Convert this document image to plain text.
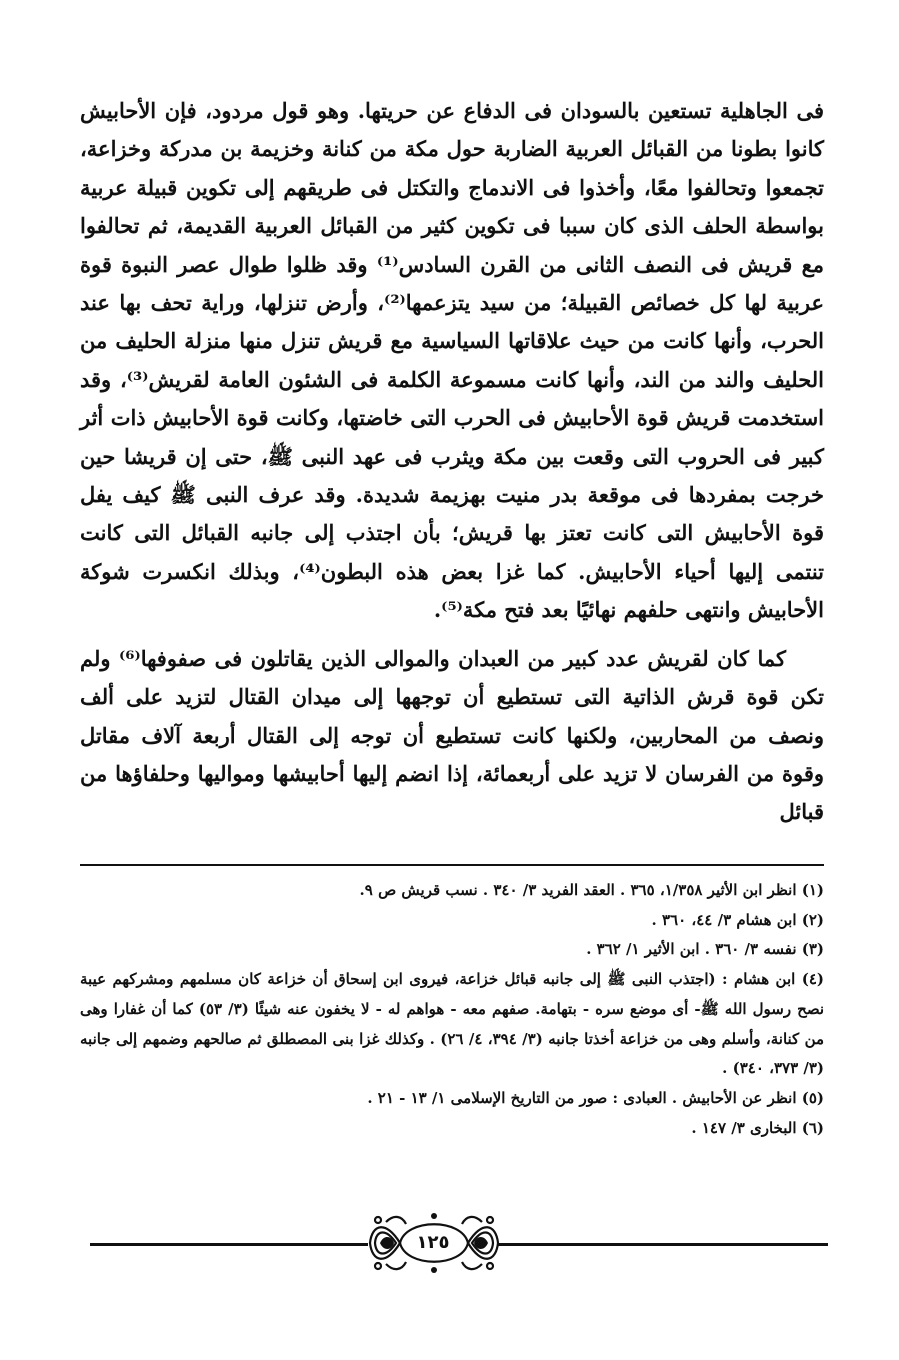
فى الجاهلية تستعين بالسودان فى الدفاع عن حريتها. وهو قول مردود، فإن الأحابيش كانوا بطونا من القبائل العربية الضاربة حول مكة من كنانة وخزيمة بن مدركة وخزاعة، تجمعوا وتحالفوا معًا، وأخذوا فى الاندماج والتكتل فى طريقهم إلى تكوين قبيلة عربية بواسطة الحلف الذى كان سببا فى تكوين كثير من القبائل العربية القديمة، ثم تحالفوا مع قريش فى النصف الثانى من القرن السادس⁽¹⁾ وقد ظلوا طوال عصر النبوة قوة عربية لها كل خصائص القبيلة؛ من سيد يتزعمها⁽²⁾، وأرض تنزلها، وراية تحف بها عند الحرب، وأنها كانت من حيث علاقاتها السياسية مع قريش تنزل منها منزلة الحليف من الحليف والند من الند، وأنها كانت مسموعة الكلمة فى الشئون العامة لقريش⁽³⁾، وقد استخدمت قريش قوة الأحابيش فى الحرب التى خاضتها، وكانت قوة الأحابيش ذات أثر كبير فى الحروب التى وقعت بين مكة ويثرب فى عهد النبى ﷺ، حتى إن قريشا حين خرجت بمفردها فى موقعة بدر منيت بهزيمة شديدة. وقد عرف النبى ﷺ كيف يفل قوة الأحابيش التى كانت تعتز بها قريش؛ بأن اجتذب إلى جانبه القبائل التى كانت تنتمى إليها أحياء الأحابيش. كما غزا بعض هذه البطون⁽⁴⁾، وبذلك انكسرت شوكة الأحابيش وانتهى حلفهم نهائيًا بعد فتح مكة⁽⁵⁾.

كما كان لقريش عدد كبير من العبدان والموالى الذين يقاتلون فى صفوفها⁽⁶⁾ ولم تكن قوة قرش الذاتية التى تستطيع أن توجهها إلى ميدان القتال لتزيد على ألف ونصف من المحاربين، ولكنها كانت تستطيع أن توجه إلى القتال أربعة آلاف مقاتل وقوة من الفرسان لا تزيد على أربعمائة، إذا انضم إليها أحابيشها ومواليها وحلفاؤها من قبائل

(١) انظر ابن الأثير ١/٣٥٨، ٣٦٥ . العقد الفريد ٣/ ٣٤٠ . نسب قريش ص ٩.

(٢) ابن هشام ٣/ ٤٤، ٣٦٠ .

(٣) نفسه ٣/ ٣٦٠ . ابن الأثير ١/ ٣٦٢ .

(٤) ابن هشام : (اجتذب النبى ﷺ إلى جانبه قبائل خزاعة، فيروى ابن إسحاق أن خزاعة كان مسلمهم ومشركهم عيبة نصح رسول الله ﷺ- أى موضع سره - بتهامة. صفهم معه - هواهم له - لا يخفون عنه شيئًا (٣/ ٥٣) كما أن غفارا وهى من كنانة، وأسلم وهى من خزاعة أخذتا جانبه (٣/ ٣٩٤، ٤/ ٢٦) . وكذلك غزا بنى المصطلق ثم صالحهم وضمهم إلى جانبه (٣/ ٣٧٣، ٣٤٠) .

(٥) انظر عن الأحابيش . العبادى : صور من التاريخ الإسلامى ١/ ١٣ - ٢١ .

(٦) البخارى ٣/ ١٤٧ .

١٢٥
